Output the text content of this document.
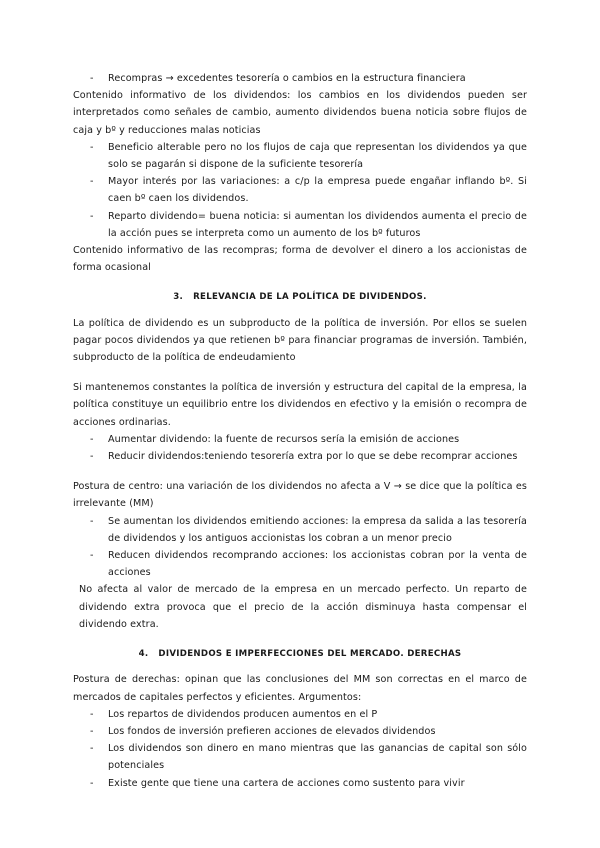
- Recompras → excedentes tesorería o cambios en la estructura financiera

Contenido informativo de los dividendos: los cambios en los dividendos pueden ser interpretados como señales de cambio, aumento dividendos buena noticia sobre flujos de caja y bº y reducciones malas noticias

- Beneficio alterable pero no los flujos de caja que representan los dividendos ya que solo se pagarán si dispone de la suficiente tesorería
- Mayor interés por las variaciones: a c/p la empresa puede engañar inflando bº. Si caen bº caen los dividendos.
- Reparto dividendo= buena noticia: si aumentan los dividendos aumenta el precio de la acción pues se interpreta como un aumento de los bº futuros

Contenido informativo de las recompras; forma de devolver el dinero a los accionistas de forma ocasional

3. RELEVANCIA DE LA POLÍTICA DE DIVIDENDOS.

La política de dividendo es un subproducto de la política de inversión. Por ellos se suelen pagar pocos dividendos ya que retienen bº para financiar programas de inversión. También, subproducto de la política de endeudamiento

Si mantenemos constantes la política de inversión y estructura del capital de la empresa, la política constituye un equilibrio entre los dividendos en efectivo y la emisión o recompra de acciones ordinarias.

- Aumentar dividendo: la fuente de recursos sería la emisión de acciones
- Reducir dividendos:teniendo tesorería extra por lo que se debe recomprar acciones

Postura de centro: una variación de los dividendos no afecta a V → se dice que la política es irrelevante (MM)

- Se aumentan los dividendos emitiendo acciones: la empresa da salida a las tesorería de dividendos y los antiguos accionistas los cobran a un menor precio
- Reducen dividendos recomprando acciones: los accionistas cobran por la venta de acciones

No afecta al valor de mercado de la empresa en un mercado perfecto. Un reparto de dividendo extra provoca que el precio de la acción disminuya hasta compensar el dividendo extra.

4. DIVIDENDOS E IMPERFECCIONES DEL MERCADO. DERECHAS

Postura de derechas: opinan que las conclusiones del MM son correctas en el marco de mercados de capitales perfectos y eficientes. Argumentos:

- Los repartos de dividendos producen aumentos en el P
- Los fondos de inversión prefieren acciones de elevados dividendos
- Los dividendos son dinero en mano mientras que las ganancias de capital son sólo potenciales
- Existe gente que tiene una cartera de acciones como sustento para vivir
